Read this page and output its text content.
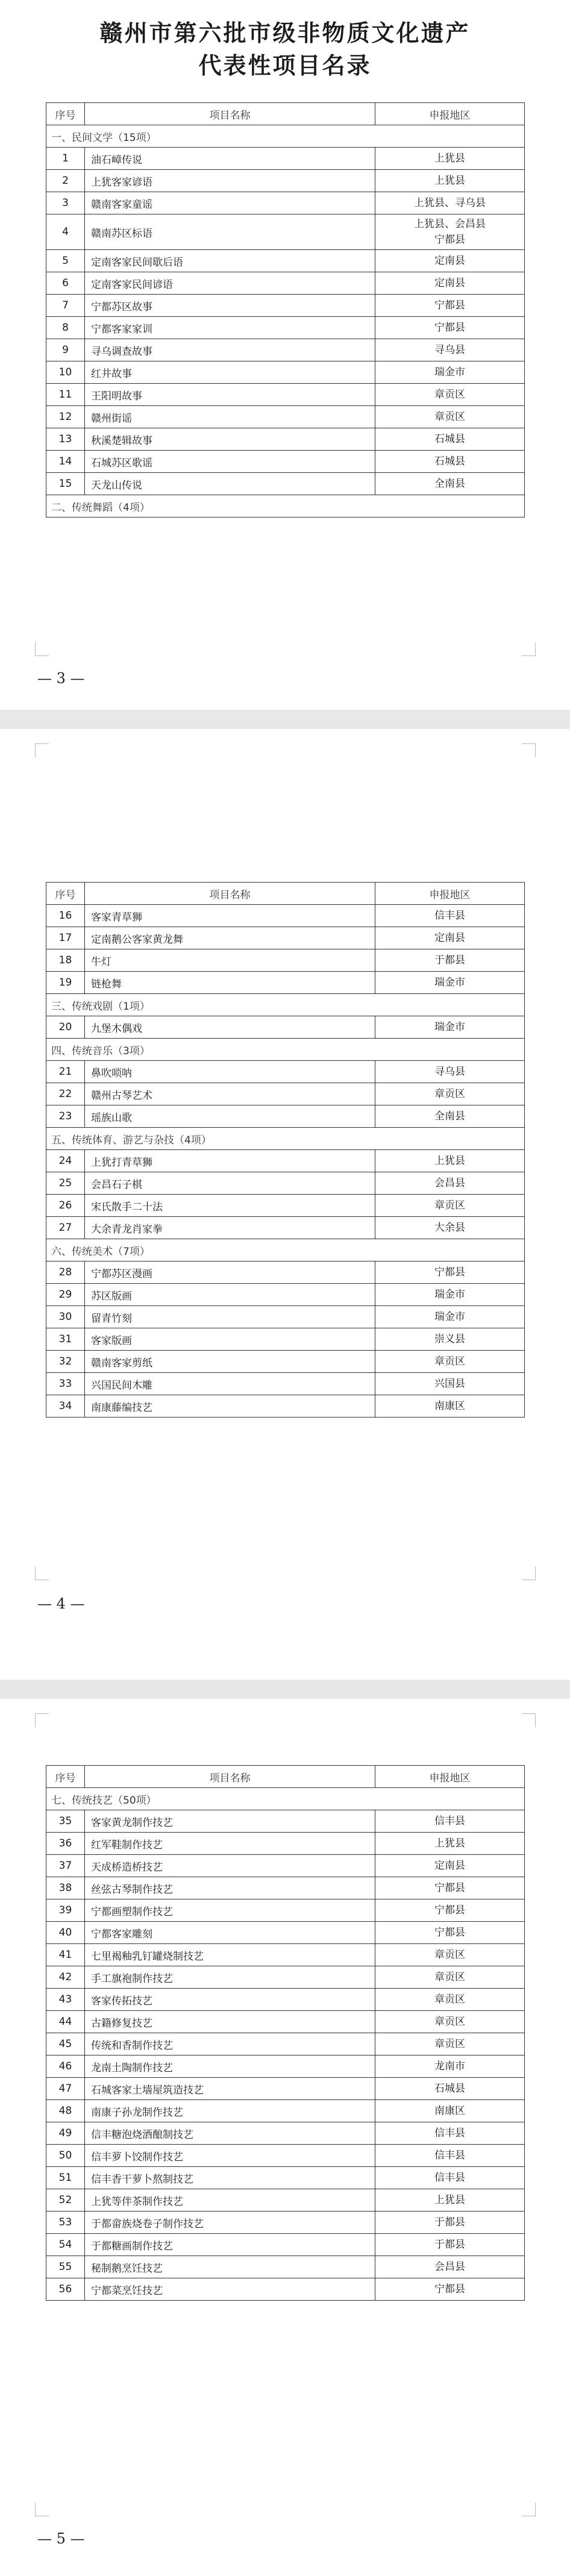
赣州市第六批市级非物质文化遗产
代表性项目名录
序号	项目名称	申报地区
一、民间文学（15项）		
1	油石嶂传说	上犹县

2	上犹客家谚语	上犹县

3	赣南客家童谣	上犹县、寻乌县

4	赣南苏区标语	上犹县、会昌县
宁都县

5	定南客家民间歇后语	定南县

6	定南客家民间谚语	定南县

7	宁都苏区故事	宁都县

8	宁都客家家训	宁都县

9	寻乌调查故事	寻乌县

10	红井故事	瑞金市

11	王阳明故事	章贡区

12	赣州街谣	章贡区

13	秋溪楚辑故事	石城县

14	石城苏区歌谣	石城县

15	天龙山传说	全南县

二、传统舞蹈（4项）		
— 3 —
序号	项目名称	申报地区
16	客家青草狮	信丰县

17	定南鹅公客家黄龙舞	定南县

18	牛灯	于都县

19	链枪舞	瑞金市

三、传统戏剧（1项）		
20	九堡木偶戏	瑞金市

四、传统音乐（3项）		
21	鼻吹唢呐	寻乌县

22	赣州古琴艺术	章贡区

23	瑶族山歌	全南县

五、传统体育、游艺与杂技（4项）		
24	上犹打青草狮	上犹县

25	会昌石子棋	会昌县

26	宋氏散手二十法	章贡区

27	大余青龙肖家拳	大余县

六、传统美术（7项）		
28	宁都苏区漫画	宁都县

29	苏区版画	瑞金市

30	留青竹刻	瑞金市

31	客家版画	崇义县

32	赣南客家剪纸	章贡区

33	兴国民间木雕	兴国县

34	南康藤编技艺	南康区
— 4 —
序号	项目名称	申报地区
七、传统技艺（50项）		
35	客家黄龙制作技艺	信丰县

36	红军鞋制作技艺	上犹县

37	天成桥造桥技艺	定南县

38	丝弦古琴制作技艺	宁都县

39	宁都画塑制作技艺	宁都县

40	宁都客家雕刻	宁都县

41	七里褐釉乳钉罐烧制技艺	章贡区

42	手工旗袍制作技艺	章贡区

43	客家传拓技艺	章贡区

44	古籍修复技艺	章贡区

45	传统和香制作技艺	章贡区

46	龙南土陶制作技艺	龙南市

47	石城客家土墙屋筑造技艺	石城县

48	南康子孙龙制作技艺	南康区

49	信丰糖泡烧酒酿制技艺	信丰县

50	信丰萝卜饺制作技艺	信丰县

51	信丰香干萝卜熬制技艺	信丰县

52	上犹等伴茶制作技艺	上犹县

53	于都畲族烧卷子制作技艺	于都县

54	于都糖画制作技艺	于都县

55	秘制鹅烹饪技艺	会昌县

56	宁都菜烹饪技艺	宁都县
— 5 —
